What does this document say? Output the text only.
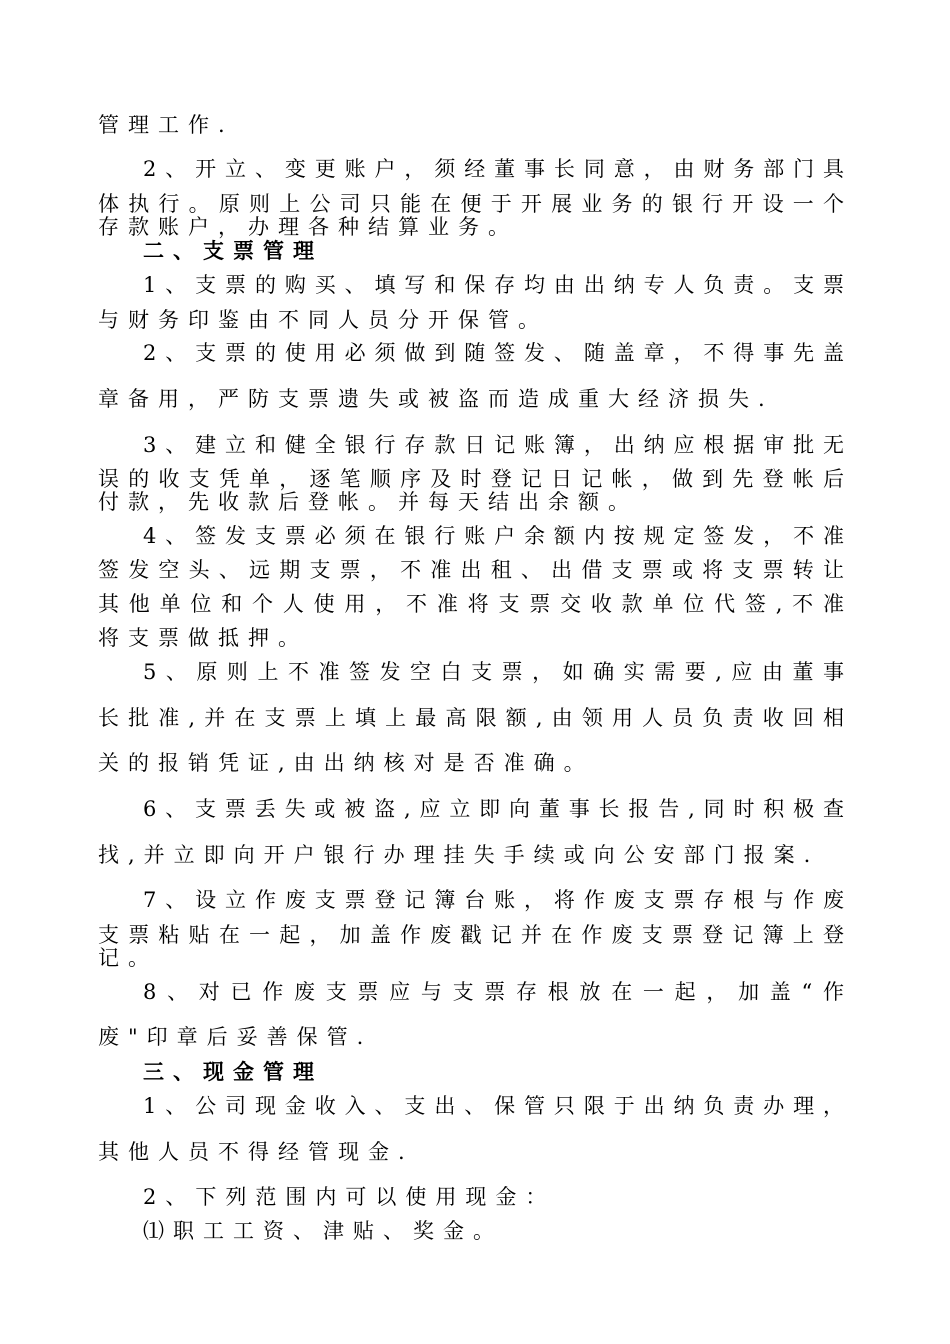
管理工作.
2、开立、变更账户，须经董事长同意，由财务部门具
体执行。原则上公司只能在便于开展业务的银行开设一个
存款账户，办理各种结算业务。
二、支票管理
1、支票的购买、填写和保存均由出纳专人负责。支票
与财务印鉴由不同人员分开保管。
2、支票的使用必须做到随签发、随盖章，不得事先盖
章备用，严防支票遗失或被盗而造成重大经济损失.
3、建立和健全银行存款日记账簿，出纳应根据审批无
误的收支凭单，逐笔顺序及时登记日记帐，做到先登帐后
付款，先收款后登帐。并每天结出余额。
4、签发支票必须在银行账户余额内按规定签发，不准
签发空头、远期支票，不准出租、出借支票或将支票转让
其他单位和个人使用，不准将支票交收款单位代签,不准
将支票做抵押。
5、原则上不准签发空白支票，如确实需要,应由董事
长批准,并在支票上填上最高限额,由领用人员负责收回相
关的报销凭证,由出纳核对是否准确。
6、支票丢失或被盗,应立即向董事长报告,同时积极查
找,并立即向开户银行办理挂失手续或向公安部门报案.
7、设立作废支票登记簿台账，将作废支票存根与作废
支票粘贴在一起，加盖作废戳记并在作废支票登记簿上登
记。
8、对已作废支票应与支票存根放在一起，加盖“作
废"印章后妥善保管.
三、现金管理
1、公司现金收入、支出、保管只限于出纳负责办理，
其他人员不得经管现金.
2、下列范围内可以使用现金：
⑴职工工资、津贴、奖金。
